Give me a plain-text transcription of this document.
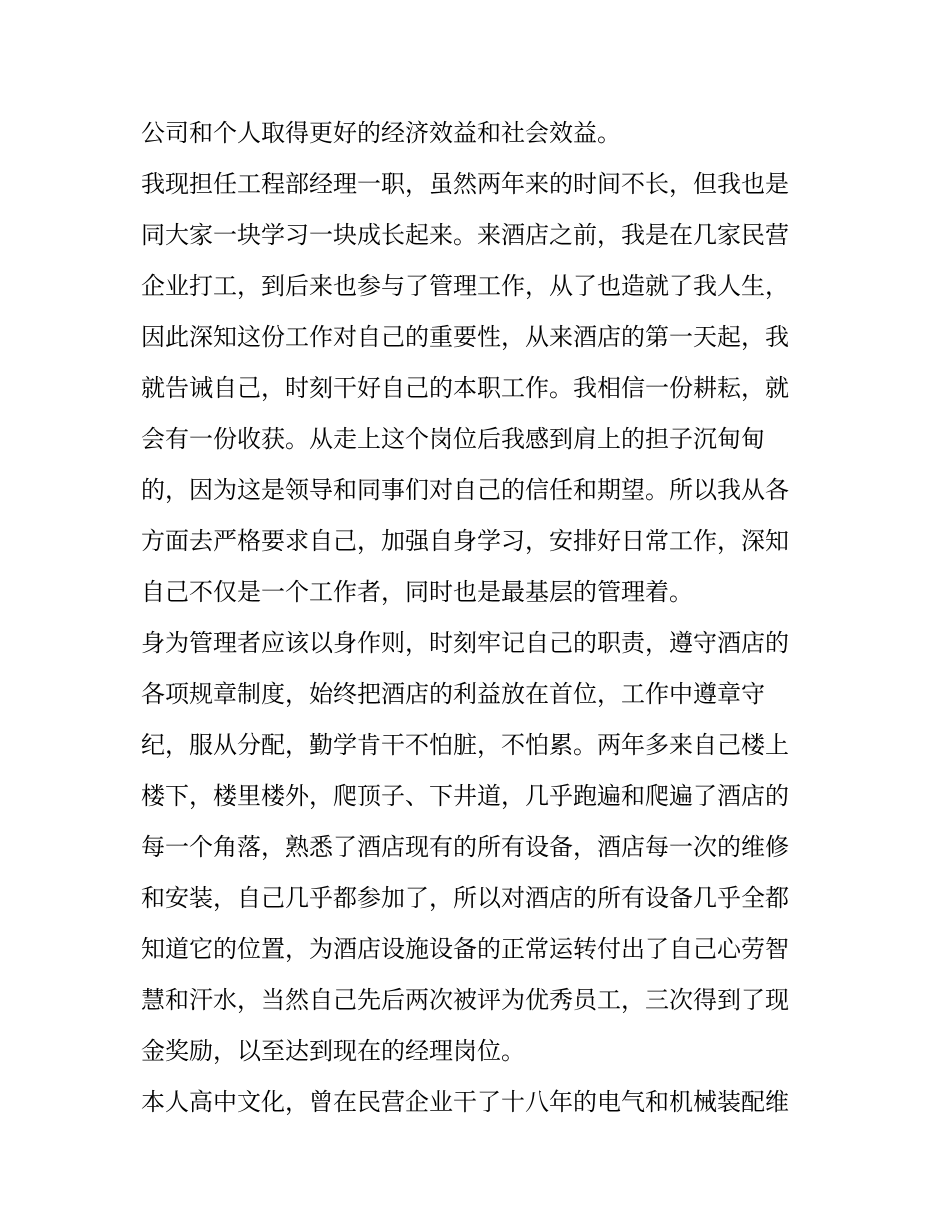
公司和个人取得更好的经济效益和社会效益。
我现担任工程部经理一职，虽然两年来的时间不长，但我也是
同大家一块学习一块成长起来。来酒店之前，我是在几家民营
企业打工，到后来也参与了管理工作，从了也造就了我人生，
因此深知这份工作对自己的重要性，从来酒店的第一天起，我
就告诫自己，时刻干好自己的本职工作。我相信一份耕耘，就
会有一份收获。从走上这个岗位后我感到肩上的担子沉甸甸
的，因为这是领导和同事们对自己的信任和期望。所以我从各
方面去严格要求自己，加强自身学习，安排好日常工作，深知
自己不仅是一个工作者，同时也是最基层的管理着。
身为管理者应该以身作则，时刻牢记自己的职责，遵守酒店的
各项规章制度，始终把酒店的利益放在首位，工作中遵章守
纪，服从分配，勤学肯干不怕脏，不怕累。两年多来自己楼上
楼下，楼里楼外，爬顶子、下井道，几乎跑遍和爬遍了酒店的
每一个角落，熟悉了酒店现有的所有设备，酒店每一次的维修
和安装，自己几乎都参加了，所以对酒店的所有设备几乎全都
知道它的位置，为酒店设施设备的正常运转付出了自己心劳智
慧和汗水，当然自己先后两次被评为优秀员工，三次得到了现
金奖励，以至达到现在的经理岗位。
本人高中文化，曾在民营企业干了十八年的电气和机械装配维
